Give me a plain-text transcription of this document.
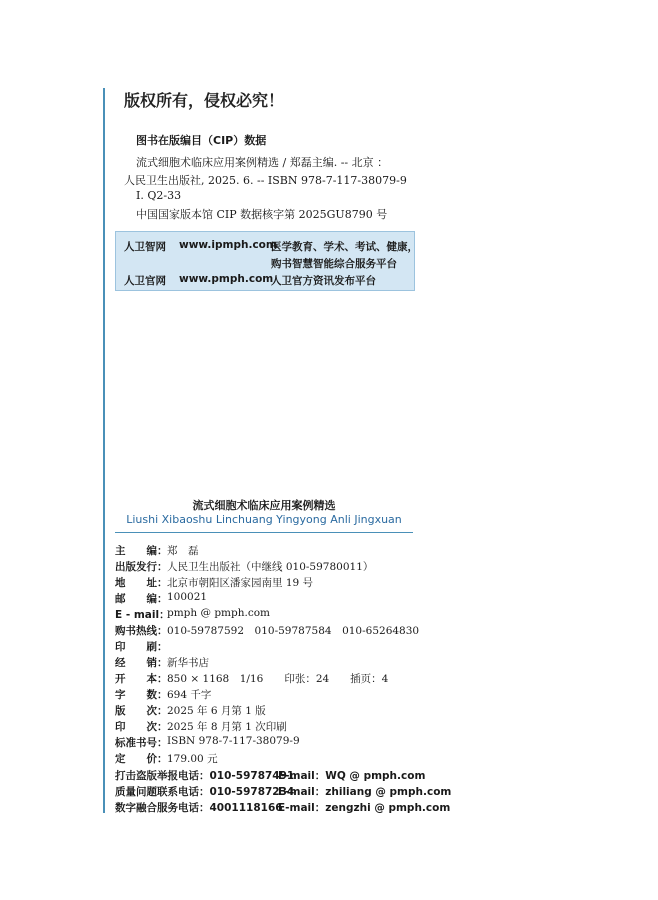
版权所有，侵权必究！
图书在版编目（CIP）数据
流式细胞术临床应用案例精选 / 郑磊主编. -- 北京 ：
人民卫生出版社, 2025. 6. -- ISBN 978-7-117-38079-9
Ⅰ. Q2-33
中国国家版本馆 CIP 数据核字第 2025GU8790 号
人卫智网 www.ipmph.com
医学教育、学术、考试、健康，
购书智慧智能综合服务平台
人卫官网 www.pmph.com
人卫官方资讯发布平台
流式细胞术临床应用案例精选
Liushi Xibaoshu Linchuang Yingyong Anli Jingxuan
主　　编： 郑　磊
出版发行： 人民卫生出版社（中继线 010-59780011）
地　　址： 北京市朝阳区潘家园南里 19 号
邮　　编： 100021
E - mail：
pmph @ pmph.com
购书热线： 010-59787592　010-59787584　010-65264830
印　　刷：
经　　销： 新华书店
开　　本： 850 × 1168　1/16　　印张：24　　插页：4
字　　数： 694 千字
版　　次： 2025 年 6 月第 1 版
印　　次： 2025 年 8 月第 1 次印刷
标准书号： ISBN 978-7-117-38079-9
定　　价： 179.00 元
打击盗版举报电话：010-59787491
E-mail：WQ @ pmph.com
质量问题联系电话：010-59787234
E-mail：zhiliang @ pmph.com
数字融合服务电话：4001118166
E-mail：zengzhi @ pmph.com
